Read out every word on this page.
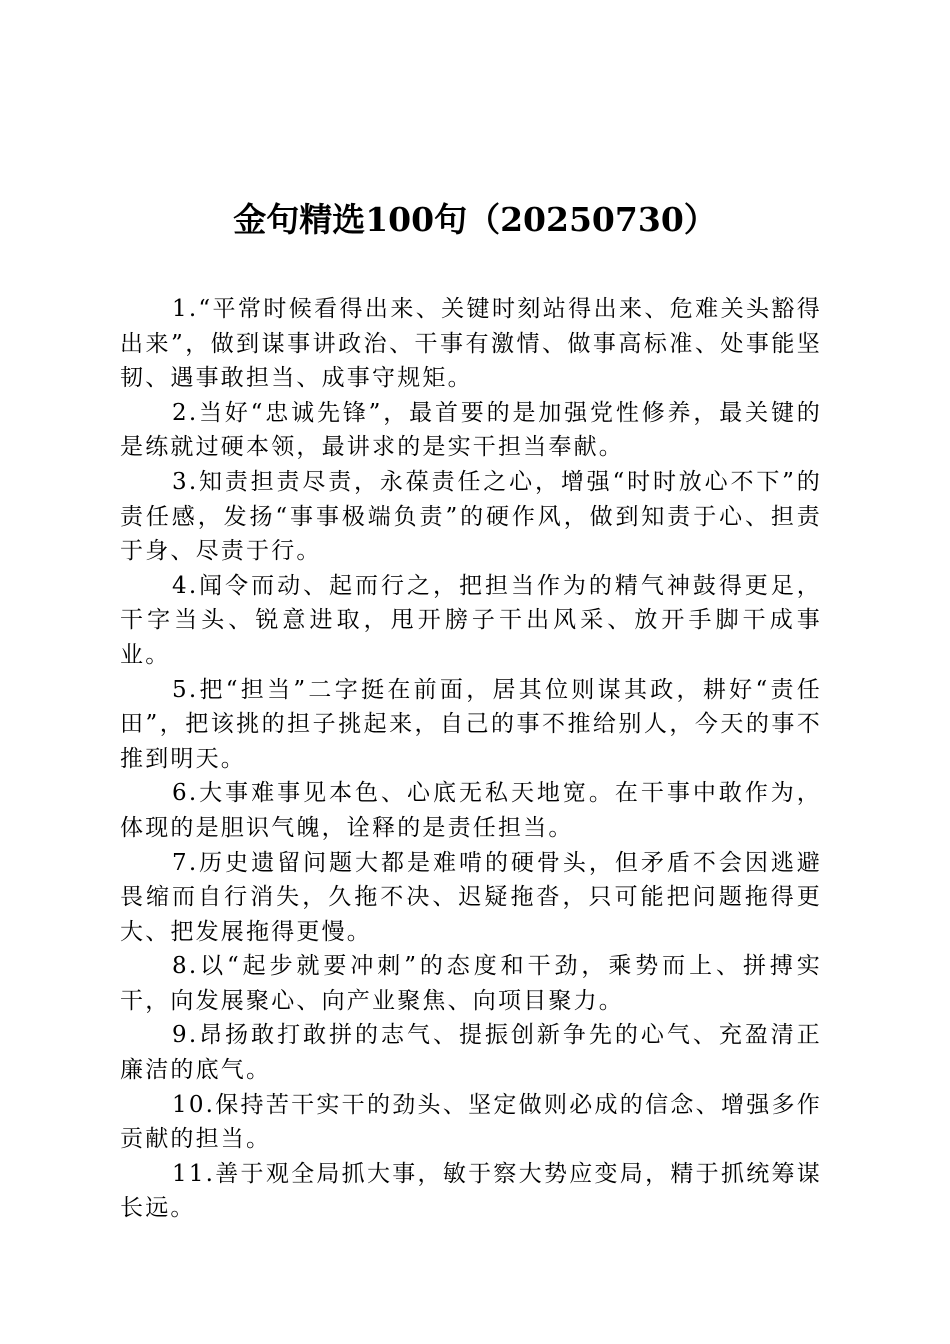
金句精选100句（20250730）

1.“平常时候看得出来、关键时刻站得出来、危难关头豁得出来”，做到谋事讲政治、干事有激情、做事高标准、处事能坚韧、遇事敢担当、成事守规矩。

2.当好“忠诚先锋”，最首要的是加强党性修养，最关键的是练就过硬本领，最讲求的是实干担当奉献。

3.知责担责尽责，永葆责任之心，增强“时时放心不下”的责任感，发扬“事事极端负责”的硬作风，做到知责于心、担责于身、尽责于行。

4.闻令而动、起而行之，把担当作为的精气神鼓得更足，干字当头、锐意进取，甩开膀子干出风采、放开手脚干成事业。

5.把“担当”二字挺在前面，居其位则谋其政，耕好“责任田”，把该挑的担子挑起来，自己的事不推给别人，今天的事不推到明天。

6.大事难事见本色、心底无私天地宽。在干事中敢作为，体现的是胆识气魄，诠释的是责任担当。

7.历史遗留问题大都是难啃的硬骨头，但矛盾不会因逃避畏缩而自行消失，久拖不决、迟疑拖沓，只可能把问题拖得更大、把发展拖得更慢。

8.以“起步就要冲刺”的态度和干劲，乘势而上、拼搏实干，向发展聚心、向产业聚焦、向项目聚力。

9.昂扬敢打敢拼的志气、提振创新争先的心气、充盈清正廉洁的底气。

10.保持苦干实干的劲头、坚定做则必成的信念、增强多作贡献的担当。

11.善于观全局抓大事，敏于察大势应变局，精于抓统筹谋长远。
